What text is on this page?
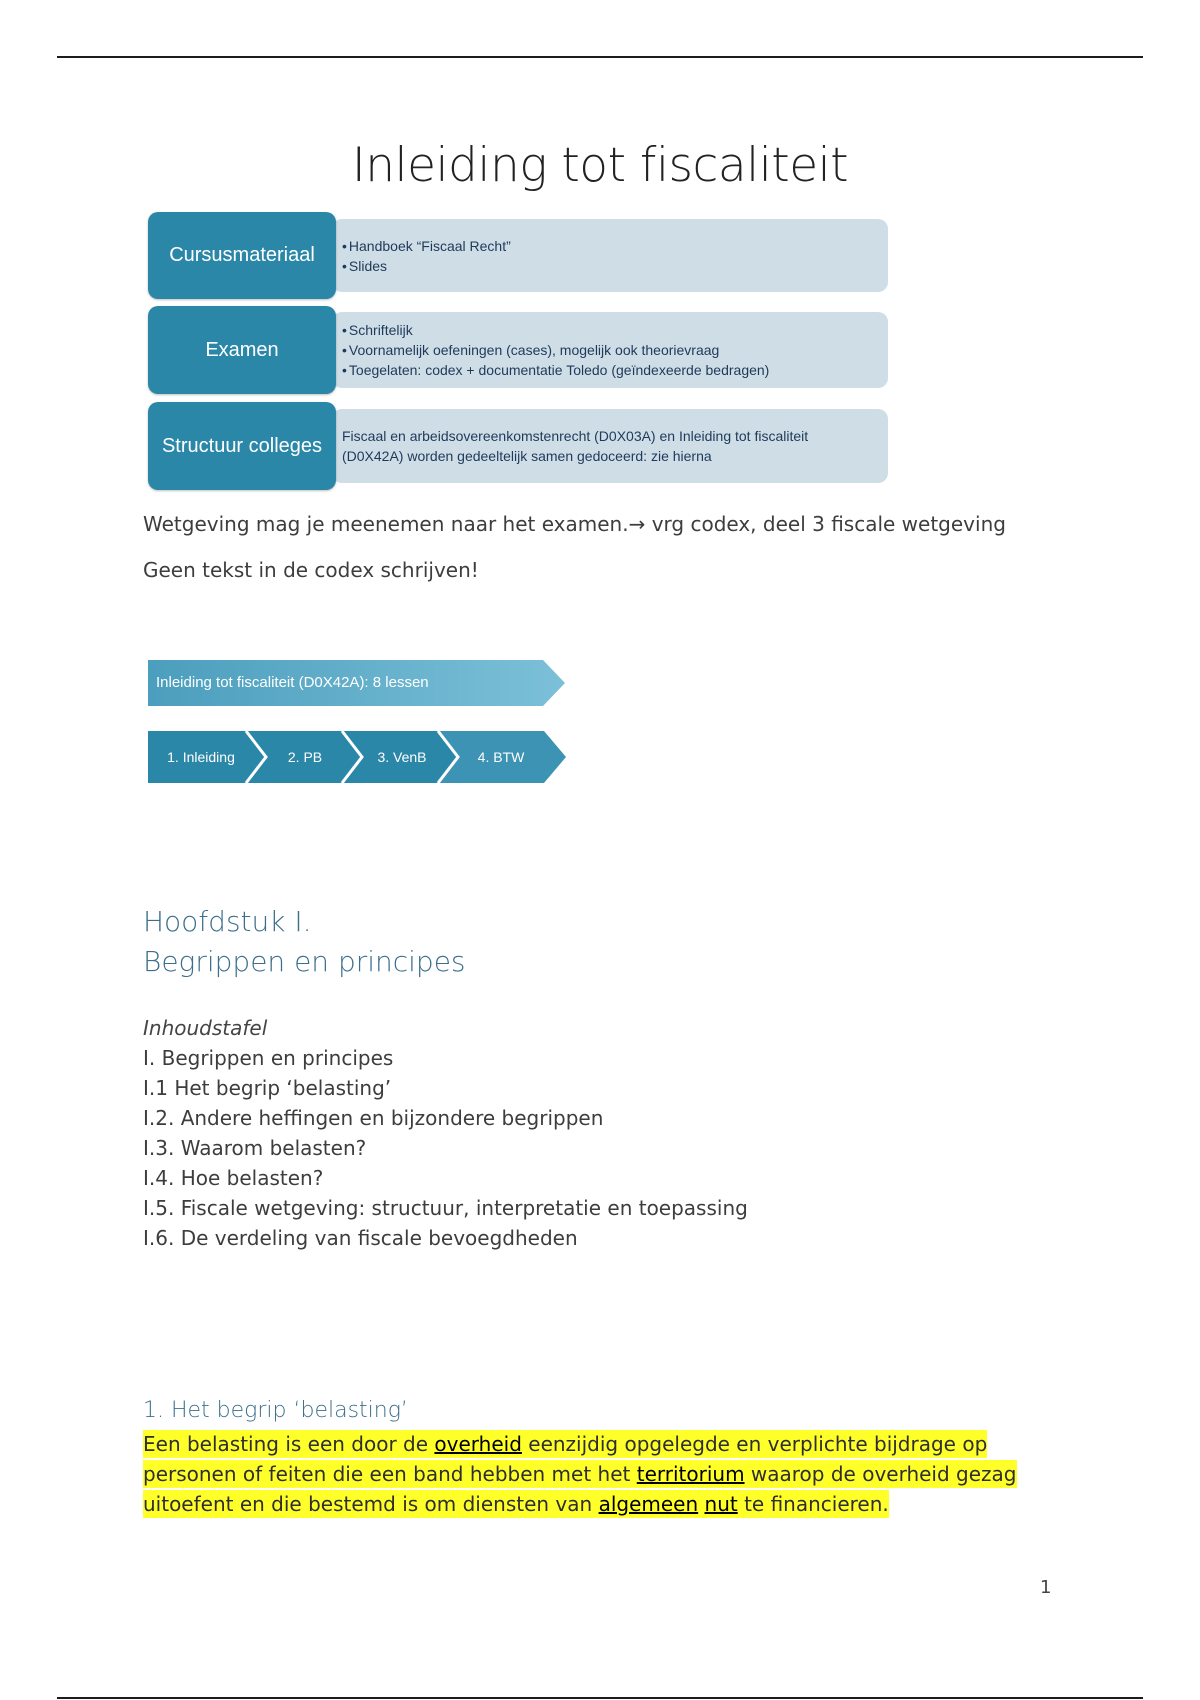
Inleiding tot fiscaliteit
Cursusmateriaal
•	Handboek “Fiscaal Recht”
• Slides
Examen
• Schriftelijk
• Voornamelijk oefeningen (cases), mogelijk ook theorievraag
• Toegelaten: codex + documentatie Toledo (geïndexeerde bedragen)
Structuur colleges	Fiscaal en arbeidsovereenkomstenrecht (D0X03A) en Inleiding tot fiscaliteit
(D0X42A) worden gedeeltelijk samen gedoceerd: zie hierna
Wetgeving mag je meenemen naar het examen.→ vrg codex, deel 3 fiscale wetgeving
Geen tekst in de codex schrijven!
Inleiding tot fiscaliteit (D0X42A): 8 lessen
1. Inleiding	2. PB	3. VenB	4. BTW
Hoofdstuk I.
Begrippen en principes
Inhoudstafel
I. Begrippen en principes
I.1 Het begrip ‘belasting’
I.2. Andere heffingen en bijzondere begrippen
I.3. Waarom belasten?
I.4. Hoe belasten?
I.5. Fiscale wetgeving: structuur, interpretatie en toepassing
I.6. De verdeling van fiscale bevoegdheden
1. Het begrip ‘belasting’
Een belasting is een door de overheid eenzijdig opgelegde en verplichte bijdrage op personen of feiten die een band hebben met het territorium waarop de overheid gezag uitoefent en die bestemd is om diensten van algemeen nut te financieren.
1
